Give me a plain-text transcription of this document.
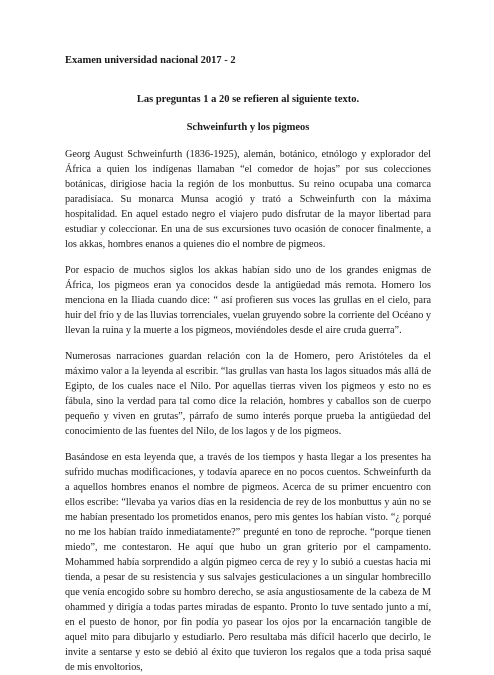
Examen universidad nacional 2017 - 2

Las preguntas 1 a 20 se refieren al siguiente texto.

Schweinfurth y los pigmeos

Georg August Schweinfurth (1836-1925), alemán, botánico, etnólogo y explorador del África a quien los indígenas llamaban “el comedor de hojas” por sus colecciones botánicas, dirigiose hacia la región de los monbuttus. Su reino ocupaba una comarca paradisíaca. Su monarca Munsa acogió y trató a Schweinfurth con la máxima hospitalidad. En aquel estado negro el viajero pudo disfrutar de la mayor libertad para estudiar y coleccionar. En una de sus excursiones tuvo ocasión de conocer finalmente, a los akkas, hombres enanos a quienes dio el nombre de pigmeos.

Por espacio de muchos siglos los akkas habían sido uno de los grandes enigmas de África, los pigmeos eran ya conocidos desde la antigüedad más remota. Homero los menciona en la Iliada cuando dice: “ así profieren sus voces las grullas en el cielo, para huir del frío y de las lluvias torrenciales, vuelan gruyendo sobre la corriente del Océano y llevan la ruina y la muerte a los pigmeos, moviéndoles desde el aire cruda guerra”.

Numerosas narraciones guardan relación con la de Homero, pero Aristóteles da el máximo valor a la leyenda al escribir. “las grullas van hasta los lagos situados más allá de Egipto, de los cuales nace el Nilo. Por aquellas tierras viven los pigmeos y esto no es fábula, sino la verdad para tal como dice la relación, hombres y caballos son de cuerpo pequeño y viven en grutas”, párrafo de sumo interés porque prueba la antigüedad del conocimiento de las fuentes del Nilo, de los lagos y de los pigmeos.

Basándose en esta leyenda que, a través de los tiempos y hasta llegar a los presentes ha sufrido muchas modificaciones, y todavía aparece en no pocos cuentos. Schweinfurth da a aquellos hombres enanos el nombre de pigmeos. Acerca de su primer encuentro con ellos escribe: “llevaba ya varios días en la residencia de rey de los monbuttus y aún no se me habían presentado los prometidos enanos, pero mis gentes los habían visto. “¿ porqué no me los habían traído inmediatamente?” pregunté en tono de reproche. “porque tienen miedo”, me contestaron. He aquí que hubo un gran griterio por el campamento. Mohammed había sorprendido a algún pigmeo cerca de rey y lo subió a cuestas hacia mi tienda, a pesar de su resistencia y sus salvajes gesticulaciones a un singular hombrecillo que venía encogido sobre su hombro derecho, se asía angustiosamente de la cabeza de M ohammed y dirigía a todas partes miradas de espanto. Pronto lo tuve sentado junto a mí, en el puesto de honor, por fin podía yo pasear los ojos por la encarnación tangible de aquel mito para dibujarlo y estudiarlo. Pero resultaba más difícil hacerlo que decirlo, le invite a sentarse y esto se debió al éxito que tuvieron los regalos que a toda prisa saqué de mis envoltorios,
